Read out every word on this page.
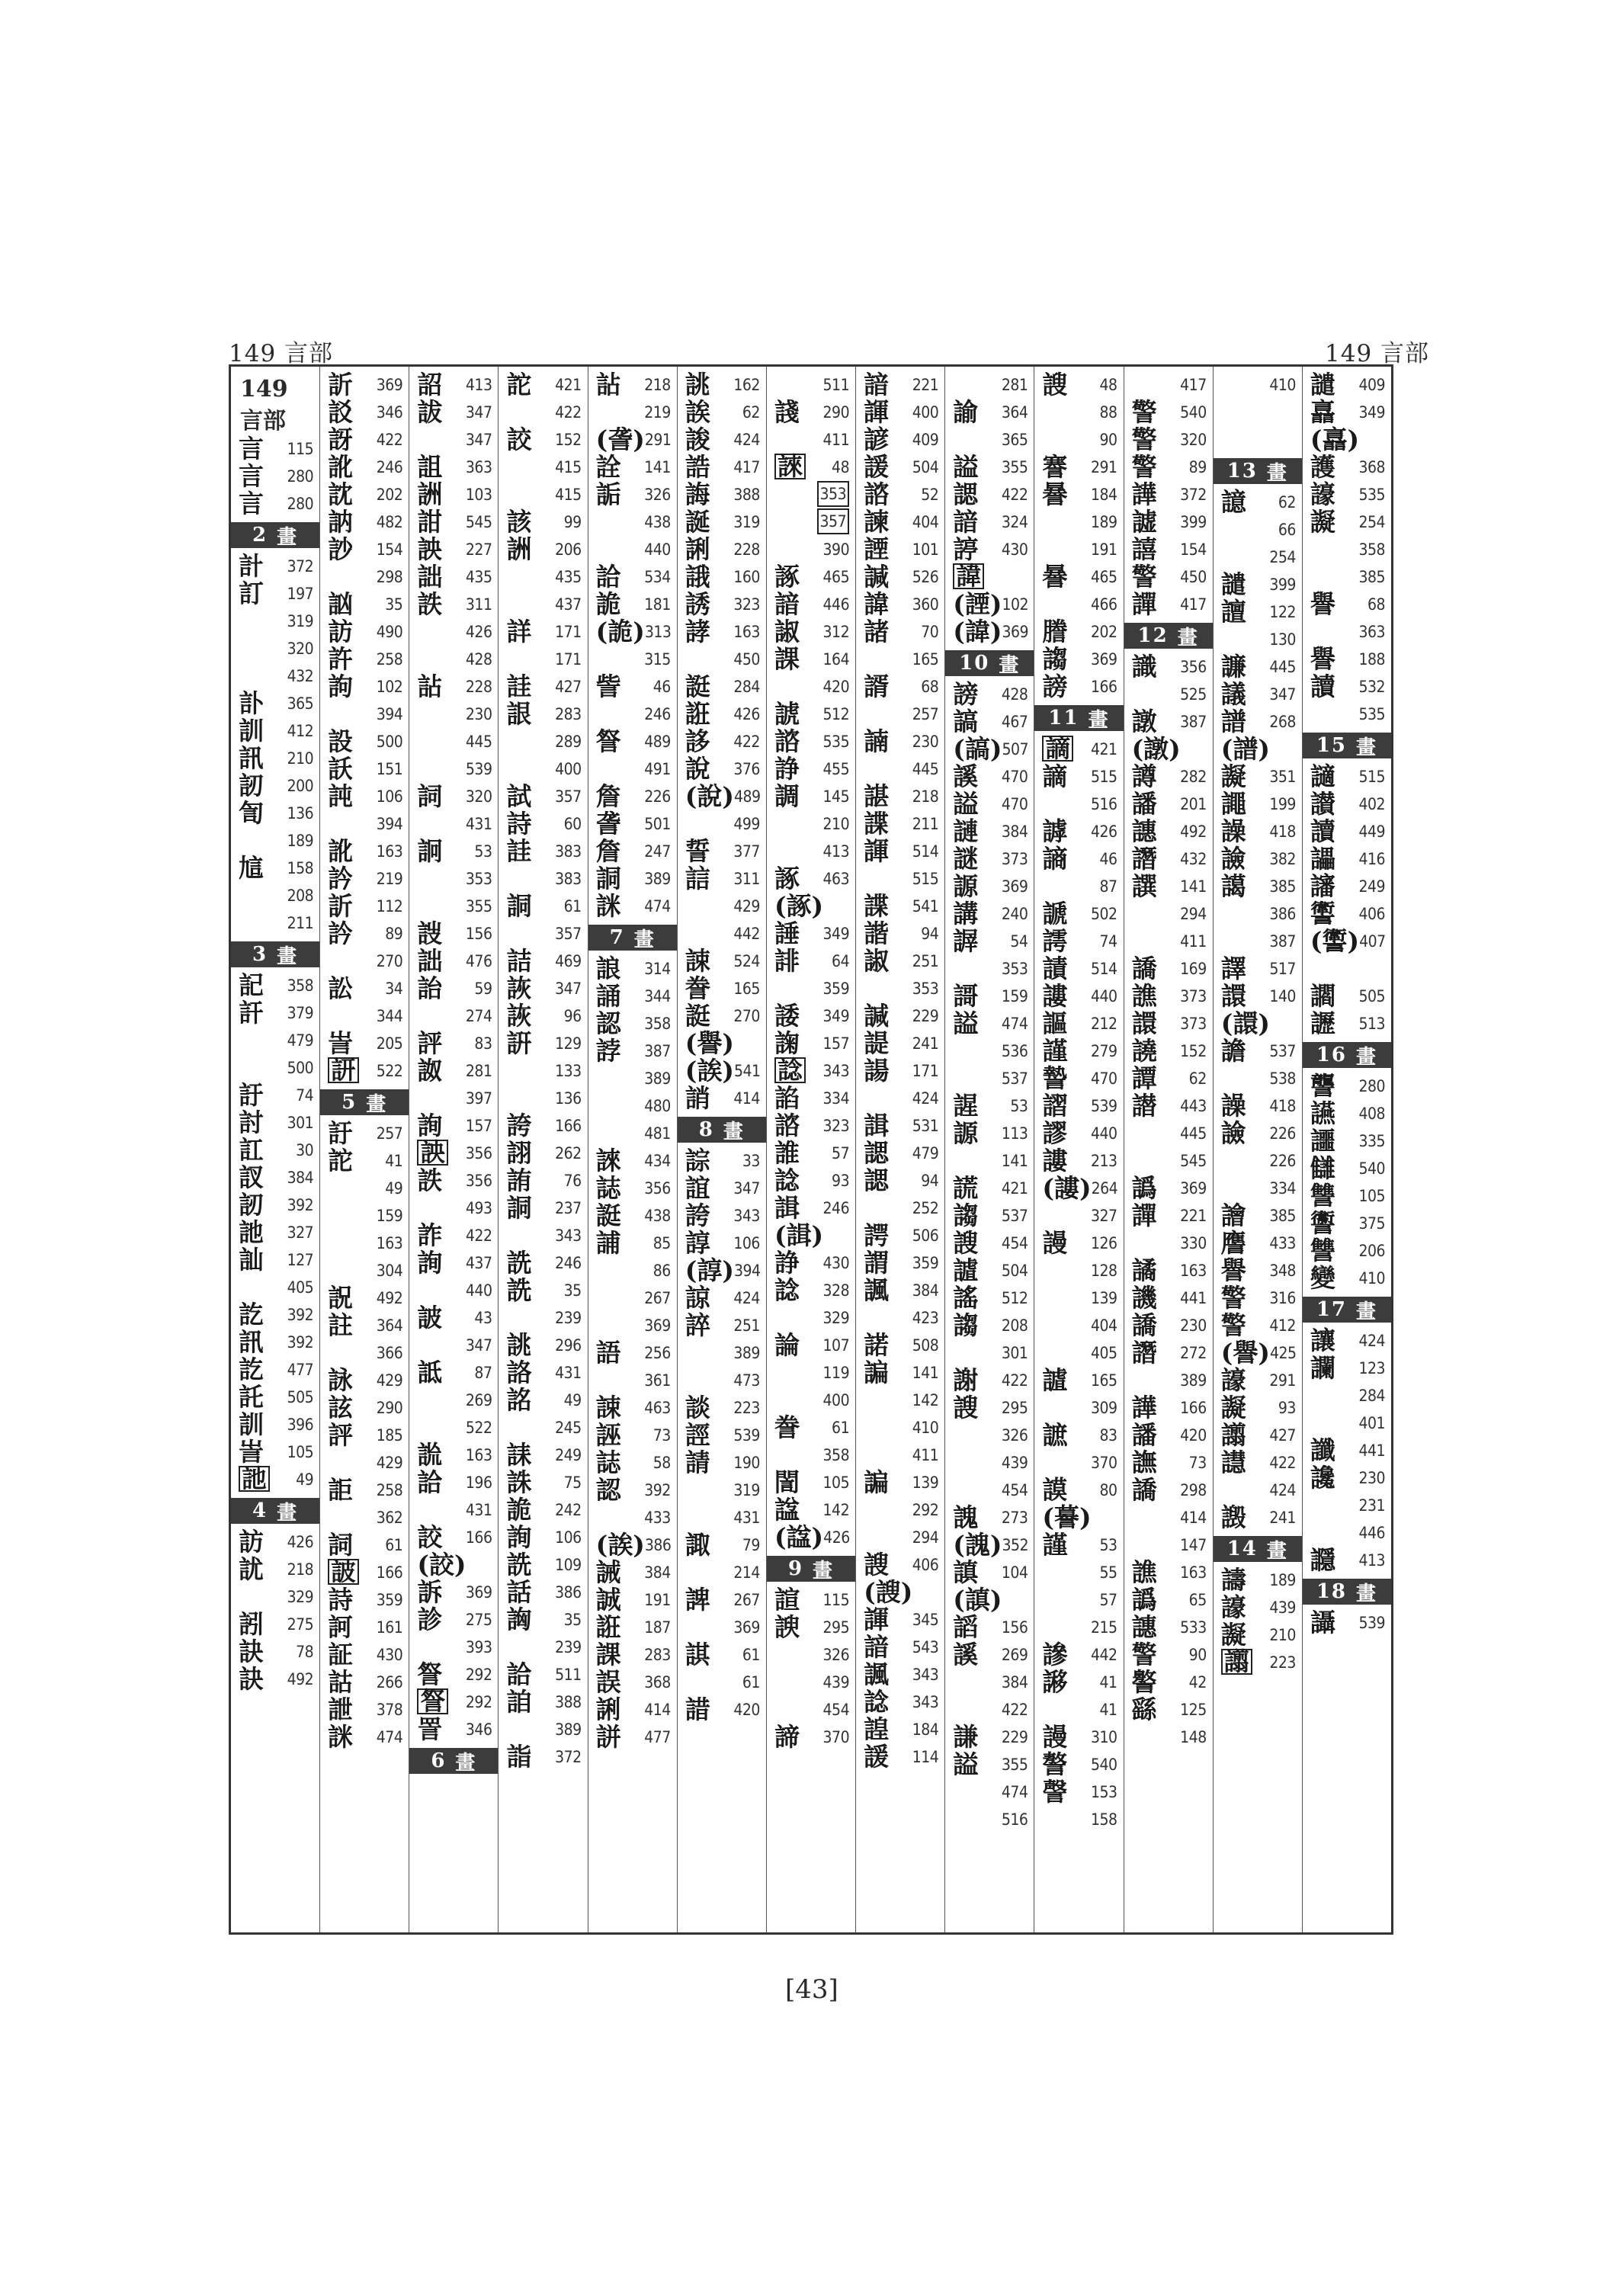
149 言部	149 言部
149
言部
言 115
言 280
言 280
2 畫
計 372
訂 197
319
320
432
訃 365
訓 412
訊 210
訒 200
訇 136
189
訄 158
208
211
3 畫
記 358
訐 379
479
500
訏 74
討 301
訌 30
訍 384
訒 392
訑 327
訕 127
405
訖 392
訊 392
訖 477
託 505
訓 396
訔 105
訑 49
4 畫
訪 426
訧 218
329
訠 275
訣 78
訣 492
訢 369
訤 346
訝 422
訛 246
訦 202
訥 482
訬 154
298
訩 35
訪 490
許 258
訽 102
394
設 500
訞 151
訰 106
394
訛 163
訡 219
訢 112
訡 89
270
訟 34
344
訔 205
訮 522
5 畫
訏 257
詑 41
49
159
163
304
詋 492
註 364
366
詠 429
詃 290
評 185
429
詎 258
362
詞 61
詖 166
詩 359
訶 161
証 430
詁 266
詍 378
詸 474
詔 413
詙 347
347
詛 363
詶 103
詌 545
詇 227
詘 435
詄 311
426
428
詀 228
230
445
539
詞 320
431
詗 53
353
355
詜 156
詘 476
詒 59
274
評 83
詉 281
397
詢 157
詇 356
詄 356
493
詐 422
詢 437
440
詖 43
347
詆 87
269
522
詤 163
詥 196
431
詨 166
(詨)
訴 369
診 275
393
詧 292
詧 292
詈 346
6 畫
詑 421
422
詨 152
415
415
該 99
詶 206
435
437
詳 171
171
詿 427
詪 283
289
400
試 357
詩 60
詿 383
383
詷 61
357
詰 469
詼 347
詼 96
詽 129
133
136
誇 166
詡 262
詴 76
詷 237
343
詵 246
詵 35
239
誂 296
詻 431
詺 49
245
誄 249
誅 75
詭 242
詢 106
詵 109
話 386
詾 35
239
詥 511
詯 388
389
詣 372
詀 218
219
(詟) 291
詮 141
詬 326
438
440
詥 534
詭 181
(詭) 313
315
訾 46
246
詧 489
491
詹 226
詟 501
詹 247
詷 389
詸 474
7 畫
誏 314
誦 344
認 358
誖 387
389
480
481
誺 434
誌 356
誔 438
誧 85
86
267
369
語 256
361
誎 463
誣 73
誌 58
認 392
433
(誒) 386
誡 384
誠 191
誑 187
課 283
誤 368
誗 414
誁 477
誂 162
誒 62
誜 424
誥 417
誨 388
誕 319
誗 228
誐 160
誘 323
誟 163
450
誔 284
誑 426
誃 422
說 376
(說) 489
499
誓 377
誩 311
429
442
誎 524
誊 165
誔 270
(譽)
(誒) 541
誚 414
8 畫
誴 33
誼 347
誇 343
諄 106
(諄) 394
諒 424
誶 251
389
473
談 223
誙 539
請 190
319
431
諏 79
214
諀 267
369
諆 61
61
諎 420
511
諓 290
411
誺 48
353
357
390
諑 465
諳 446
諔 312
課 164
420
諕 512
諮 535
諍 455
調 145
210
413
諑 463
(諑)
諈 349
誹 64
359
諉 349
諊 157
諗 343
諂 334
諮 323
誰 57
諗 93
諿 246
(諿)
諍 430
諗 328
329
論 107
119
400
誊 61
358
誾 105
諡 142
(諡) 426
9 畫
諠 115
諛 295
326
439
454
諦 370
諳 221
諢 400
諺 409
諼 504
諮 52
諫 404
諲 101
諴 526
諱 360
諸 70
165
諝 68
257
諵 230
445
諶 218
諜 211
諢 514
515
諜 541
諧 94
諔 251
353
諴 229
諟 241
諹 171
424
諿 531
諰 479
諰 94
252
諤 506
謂 359
諷 384
423
諾 508
諞 141
142
410
411
諞 139
292
294
謏 406
(謏)
諢 345
諳 543
諷 343
諗 343
諻 184
諼 114
281
諭 364
365
謚 355
諰 422
諳 324
諪 430
諱
(諲) 102
(諱) 369
10 畫
謗 428
謞 467
(謞) 507
謑 470
謚 470
謰 384
謎 373
謜 369
講 240
謘 54
353
謌 159
謚 474
536
537
謃 53
謜 113
141
謊 421
謅 537
謏 454
謯 504
謠 512
謅 208
301
謝 422
謏 295
326
439
454
謉 273
(謉) 352
謓 104
(謓)
謟 156
謑 269
384
422
謙 229
謚 355
474
516
謏 48
88
90
謇 291
謈 184
189
191
謈 465
466
謄 202
謅 369
謗 166
11 畫
謫 421
謫 515
516
謼 426
謪 46
87
謕 502
謣 74
謮 514
謱 440
謳 212
謹 279
謺 470
謵 539
謬 440
謱 213
(謱) 264
327
謾 126
128
139
404
405
謯 165
309
謶 83
370
謨 80
(謩)
謹 53
55
57
215
謲 442
謻 41
41
謾 310
謷 540
謦 153
158
417
警 540
警 320
警 89
譁 372
譃 399
譆 154
警 450
譂 417
12 畫
識 356
525
譈 387
(譈)
譐 282
譒 201
譓 492
譖 432
譔 141
294
411
譑 169
譙 373
譞 373
譊 152
譚 62
譛 443
445
545
譌 369
譂 221
330
譎 163
譏 441
譑 230
譖 272
389
譁 166
譒 420
譕 73
譑 298
414
147
譙 163
譌 65
譓 533
警 90
譥 42
繇 125
148
410
13 畫
譩 62
66
254
譴 399
譠 122
130
譧 445
議 347
譜 268
(譜)
譺 351
譝 199
譟 418
譣 382
譪 385
386
387
譯 517
譞 140
(譞)
譫 537
538
譟 418
譣 226
226
334
譮 385
譍 433
譽 348
警 316
警 412
(譽) 425
譹 291
譺 93
譾 427
譿 422
424
譭 241
14 畫
譸 189
譹 439
譺 210
譾 223
譴 409
譶 349
(譶)
護 368
譹 535
譺 254
358
385
譽 68
363
譽 188
讀 532
535
15 畫
讁 515
讃 402
讀 449
讄 416
讅 249
讆 406
(讆) 407
讇 505
讈 513
16 畫
讋 280
讌 408
讍 335
讎 540
讐 105
讏 375
讐 206
變 410
17 畫
讓 424
讕 123
284
401
讖 441
讒 230
231
446
讔 413
18 畫
讘 539
[43]
